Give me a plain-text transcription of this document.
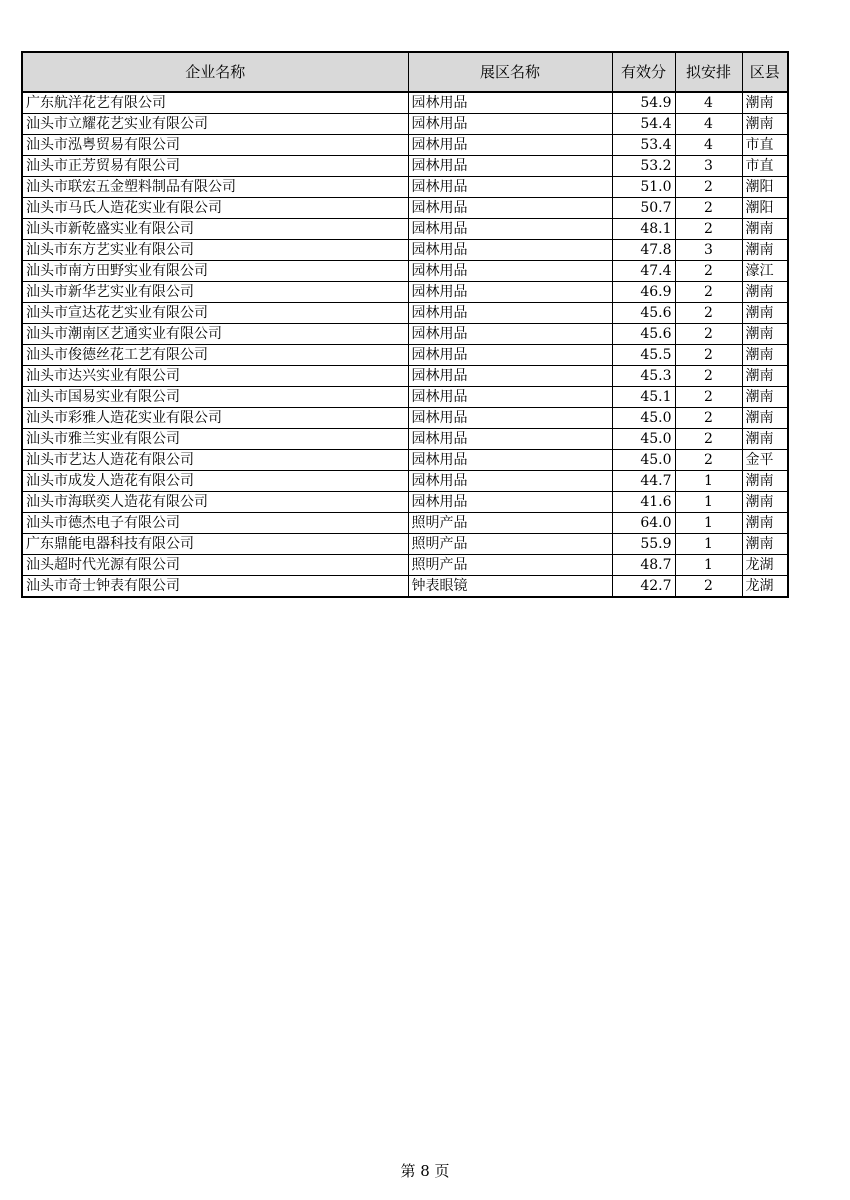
企业名称	展区名称	有效分	拟安排	区县
广东航洋花艺有限公司	园林用品	54.9	4	潮南
汕头市立耀花艺实业有限公司	园林用品	54.4	4	潮南
汕头市泓粤贸易有限公司	园林用品	53.4	4	市直
汕头市正芳贸易有限公司	园林用品	53.2	3	市直
汕头市联宏五金塑料制品有限公司	园林用品	51.0	2	潮阳
汕头市马氏人造花实业有限公司	园林用品	50.7	2	潮阳
汕头市新乾盛实业有限公司	园林用品	48.1	2	潮南
汕头市东方艺实业有限公司	园林用品	47.8	3	潮南
汕头市南方田野实业有限公司	园林用品	47.4	2	濠江
汕头市新华艺实业有限公司	园林用品	46.9	2	潮南
汕头市宣达花艺实业有限公司	园林用品	45.6	2	潮南
汕头市潮南区艺通实业有限公司	园林用品	45.6	2	潮南
汕头市俊德丝花工艺有限公司	园林用品	45.5	2	潮南
汕头市达兴实业有限公司	园林用品	45.3	2	潮南
汕头市国易实业有限公司	园林用品	45.1	2	潮南
汕头市彩雅人造花实业有限公司	园林用品	45.0	2	潮南
汕头市雅兰实业有限公司	园林用品	45.0	2	潮南
汕头市艺达人造花有限公司	园林用品	45.0	2	金平
汕头市成发人造花有限公司	园林用品	44.7	1	潮南
汕头市海联奕人造花有限公司	园林用品	41.6	1	潮南
汕头市德杰电子有限公司	照明产品	64.0	1	潮南
广东鼎能电器科技有限公司	照明产品	55.9	1	潮南
汕头超时代光源有限公司	照明产品	48.7	1	龙湖
汕头市奇士钟表有限公司	钟表眼镜	42.7	2	龙湖
第 8 页
